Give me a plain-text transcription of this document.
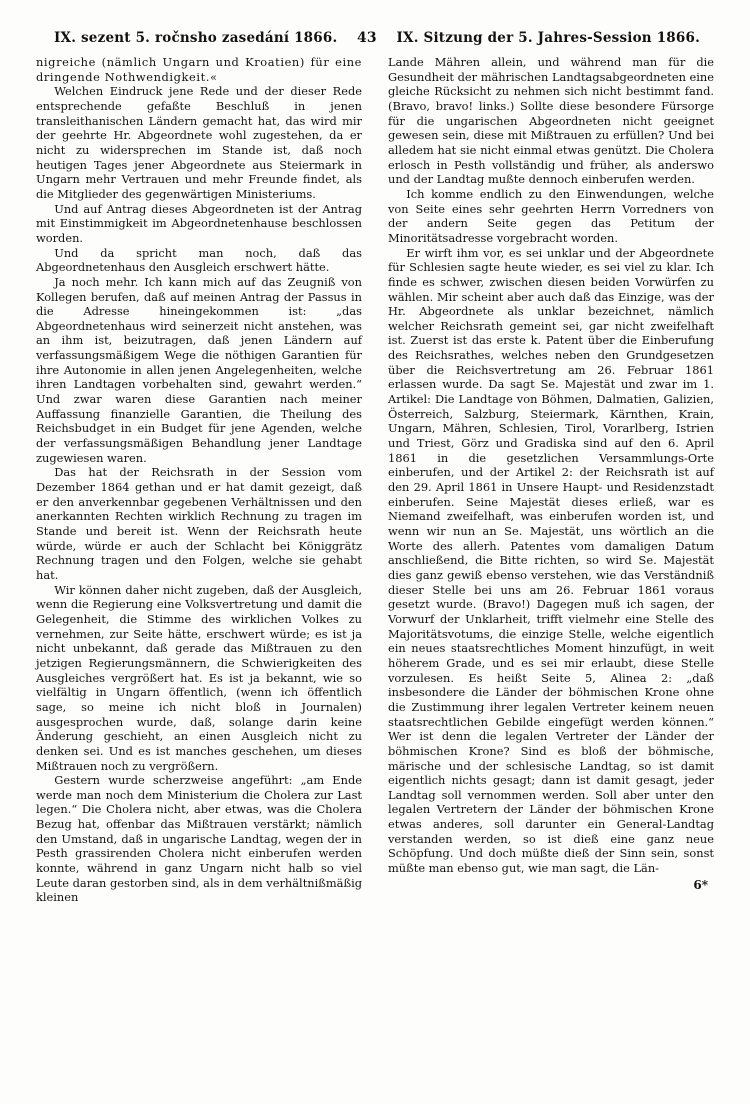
IX. sezent 5. ročnsho zasedání 1866.	43	IX. Sitzung der 5. Jahres-Session 1866.

nigreiche (nämlich Ungarn und Kroatien) für eine dringende Nothwendigkeit.«

Welchen Eindruck jene Rede und der dieser Rede entsprechende gefaßte Beschluß in jenen transleithanischen Ländern gemacht hat, das wird mir der geehrte Hr. Abgeordnete wohl zugestehen, da er nicht zu widersprechen im Stande ist, daß noch heutigen Tages jener Abgeordnete aus Steiermark in Ungarn mehr Vertrauen und mehr Freunde findet, als die Mitglieder des gegenwärtigen Ministeriums.

Und auf Antrag dieses Abgeordneten ist der Antrag mit Einstimmigkeit im Abgeordnetenhause beschlossen worden.

Und da spricht man noch, daß das Abgeordnetenhaus den Ausgleich erschwert hätte.

Ja noch mehr. Ich kann mich auf das Zeugniß von Kollegen berufen, daß auf meinen Antrag der Passus in die Adresse hineingekommen ist: „das Abgeordnetenhaus wird seinerzeit nicht anstehen, was an ihm ist, beizutragen, daß jenen Ländern auf verfassungsmäßigem Wege die nöthigen Garantien für ihre Autonomie in allen jenen Angelegenheiten, welche ihren Landtagen vorbehalten sind, gewahrt werden.“ Und zwar waren diese Garantien nach meiner Auffassung finanzielle Garantien, die Theilung des Reichsbudget in ein Budget für jene Agenden, welche der verfassungsmäßigen Behandlung jener Landtage zugewiesen waren.

Das hat der Reichsrath in der Session vom Dezember 1864 gethan und er hat damit gezeigt, daß er den anverkennbar gegebenen Verhältnissen und den anerkannten Rechten wirklich Rechnung zu tragen im Stande und bereit ist. Wenn der Reichsrath heute würde, würde er auch der Schlacht bei Königgrätz Rechnung tragen und den Folgen, welche sie gehabt hat.

Wir können daher nicht zugeben, daß der Ausgleich, wenn die Regierung eine Volksvertretung und damit die Gelegenheit, die Stimme des wirklichen Volkes zu vernehmen, zur Seite hätte, erschwert würde; es ist ja nicht unbekannt, daß gerade das Mißtrauen zu den jetzigen Regierungsmännern, die Schwierigkeiten des Ausgleiches vergrößert hat. Es ist ja bekannt, wie so vielfältig in Ungarn öffentlich, (wenn ich öffentlich sage, so meine ich nicht bloß in Journalen) ausgesprochen wurde, daß, solange darin keine Änderung geschieht, an einen Ausgleich nicht zu denken sei. Und es ist manches geschehen, um dieses Mißtrauen noch zu vergrößern.

Gestern wurde scherzweise angeführt: „am Ende werde man noch dem Ministerium die Cholera zur Last legen.“ Die Cholera nicht, aber etwas, was die Cholera Bezug hat, offenbar das Mißtrauen verstärkt; nämlich den Umstand, daß in ungarische Landtag, wegen der in Pesth grassirenden Cholera nicht einberufen werden konnte, während in ganz Ungarn nicht halb so viel Leute daran gestorben sind, als in dem verhältnißmäßig kleinen

Lande Mähren allein, und während man für die Gesundheit der mährischen Landtagsabgeordneten eine gleiche Rücksicht zu nehmen sich nicht bestimmt fand. (Bravo, bravo! links.) Sollte diese besondere Fürsorge für die ungarischen Abgeordneten nicht geeignet gewesen sein, diese mit Mißtrauen zu erfüllen? Und bei alledem hat sie nicht einmal etwas genützt. Die Cholera erlosch in Pesth vollständig und früher, als anderswo und der Landtag mußte dennoch einberufen werden.

Ich komme endlich zu den Einwendungen, welche von Seite eines sehr geehrten Herrn Vorredners von der andern Seite gegen das Petitum der Minoritätsadresse vorgebracht worden.

Er wirft ihm vor, es sei unklar und der Abgeordnete für Schlesien sagte heute wieder, es sei viel zu klar. Ich finde es schwer, zwischen diesen beiden Vorwürfen zu wählen. Mir scheint aber auch daß das Einzige, was der Hr. Abgeordnete als unklar bezeichnet, nämlich welcher Reichsrath gemeint sei, gar nicht zweifelhaft ist. Zuerst ist das erste k. Patent über die Einberufung des Reichsrathes, welches neben den Grundgesetzen über die Reichsvertretung am 26. Februar 1861 erlassen wurde. Da sagt Se. Majestät und zwar im 1. Artikel: Die Landtage von Böhmen, Dalmatien, Galizien, Österreich, Salzburg, Steiermark, Kärnthen, Krain, Ungarn, Mähren, Schlesien, Tirol, Vorarlberg, Istrien und Triest, Görz und Gradiska sind auf den 6. April 1861 in die gesetzlichen Versammlungs-Orte einberufen, und der Artikel 2: der Reichsrath ist auf den 29. April 1861 in Unsere Haupt- und Residenzstadt einberufen. Seine Majestät dieses erließ, war es Niemand zweifelhaft, was einberufen worden ist, und wenn wir nun an Se. Majestät, uns wörtlich an die Worte des allerh. Patentes vom damaligen Datum anschließend, die Bitte richten, so wird Se. Majestät dies ganz gewiß ebenso verstehen, wie das Verständniß dieser Stelle bei uns am 26. Februar 1861 voraus gesetzt wurde. (Bravo!) Dagegen muß ich sagen, der Vorwurf der Unklarheit, trifft vielmehr eine Stelle des Majoritätsvotums, die einzige Stelle, welche eigentlich ein neues staatsrechtliches Moment hinzufügt, in weit höherem Grade, und es sei mir erlaubt, diese Stelle vorzulesen. Es heißt Seite 5, Alinea 2: „daß insbesondere die Länder der böhmischen Krone ohne die Zustimmung ihrer legalen Vertreter keinem neuen staatsrechtlichen Gebilde eingefügt werden können.“ Wer ist denn die legalen Vertreter der Länder der böhmischen Krone? Sind es bloß der böhmische, märische und der schlesische Landtag, so ist damit eigentlich nichts gesagt; dann ist damit gesagt, jeder Landtag soll vernommen werden. Soll aber unter den legalen Vertretern der Länder der böhmischen Krone etwas anderes, soll darunter ein General-Landtag verstanden werden, so ist dieß eine ganz neue Schöpfung. Und doch müßte dieß der Sinn sein, sonst müßte man ebenso gut, wie man sagt, die Län-

6*
